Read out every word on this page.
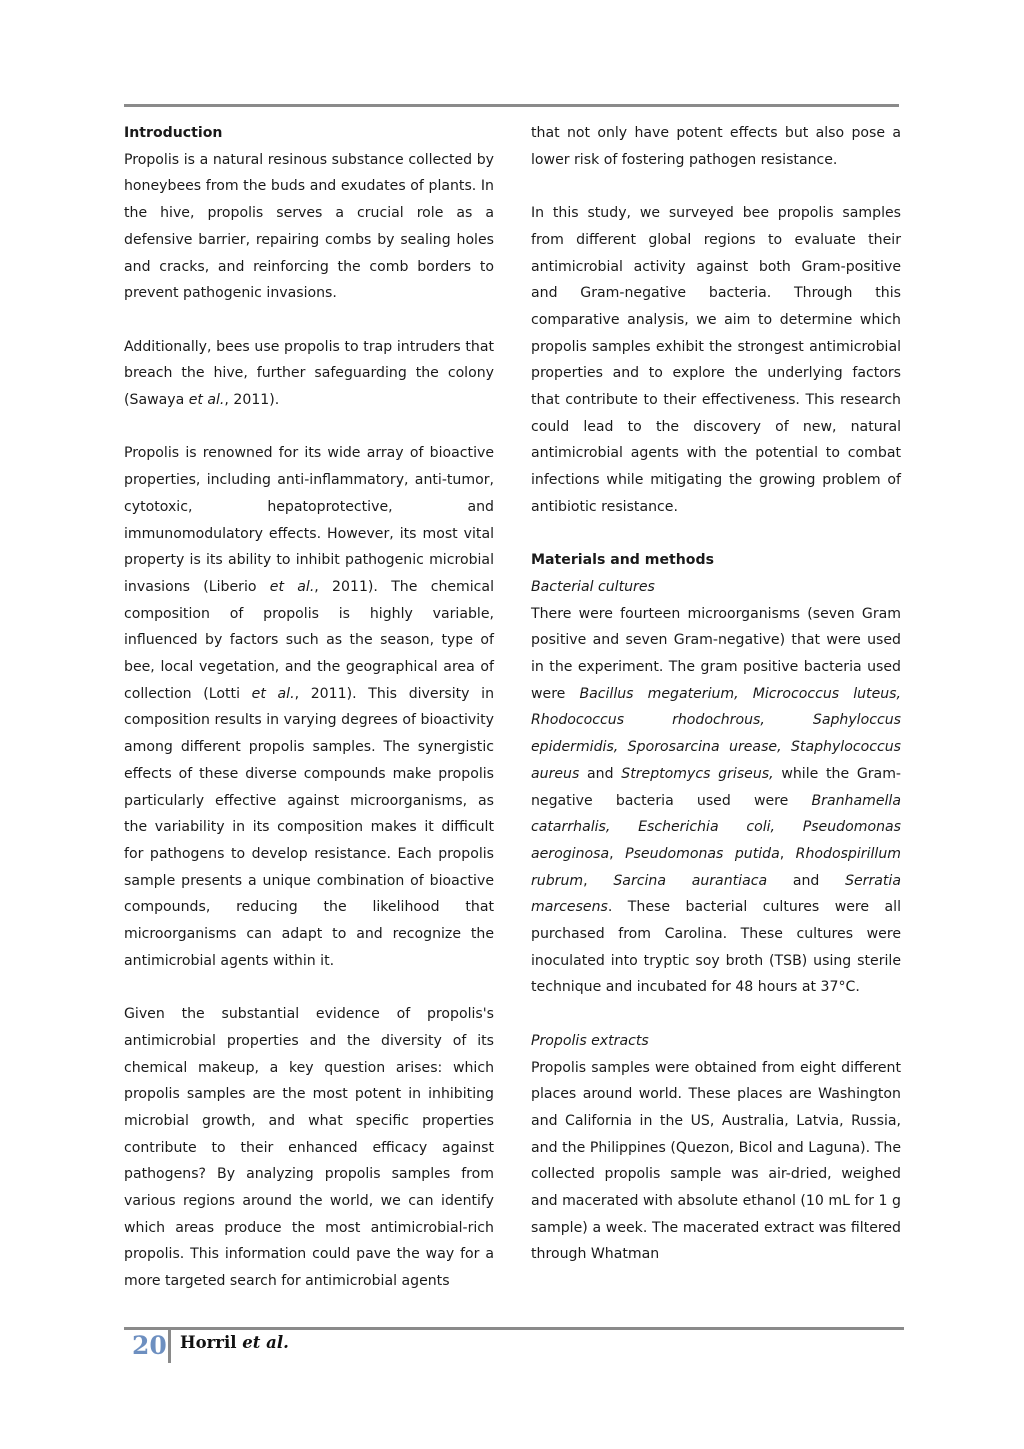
Introduction

Propolis is a natural resinous substance collected by honeybees from the buds and exudates of plants. In the hive, propolis serves a crucial role as a defensive barrier, repairing combs by sealing holes and cracks, and reinforcing the comb borders to prevent pathogenic invasions.

Additionally, bees use propolis to trap intruders that breach the hive, further safeguarding the colony (Sawaya et al., 2011).

Propolis is renowned for its wide array of bioactive properties, including anti-inflammatory, anti-tumor, cytotoxic, hepatoprotective, and immunomodulatory effects. However, its most vital property is its ability to inhibit pathogenic microbial invasions (Liberio et al., 2011). The chemical composition of propolis is highly variable, influenced by factors such as the season, type of bee, local vegetation, and the geographical area of collection (Lotti et al., 2011). This diversity in composition results in varying degrees of bioactivity among different propolis samples. The synergistic effects of these diverse compounds make propolis particularly effective against microorganisms, as the variability in its composition makes it difficult for pathogens to develop resistance. Each propolis sample presents a unique combination of bioactive compounds, reducing the likelihood that microorganisms can adapt to and recognize the antimicrobial agents within it.

Given the substantial evidence of propolis's antimicrobial properties and the diversity of its chemical makeup, a key question arises: which propolis samples are the most potent in inhibiting microbial growth, and what specific properties contribute to their enhanced efficacy against pathogens? By analyzing propolis samples from various regions around the world, we can identify which areas produce the most antimicrobial-rich propolis. This information could pave the way for a more targeted search for antimicrobial agents

that not only have potent effects but also pose a lower risk of fostering pathogen resistance.

In this study, we surveyed bee propolis samples from different global regions to evaluate their antimicrobial activity against both Gram-positive and Gram-negative bacteria. Through this comparative analysis, we aim to determine which propolis samples exhibit the strongest antimicrobial properties and to explore the underlying factors that contribute to their effectiveness. This research could lead to the discovery of new, natural antimicrobial agents with the potential to combat infections while mitigating the growing problem of antibiotic resistance.

Materials and methods

Bacterial cultures

There were fourteen microorganisms (seven Gram positive and seven Gram-negative) that were used in the experiment. The gram positive bacteria used were Bacillus megaterium, Micrococcus luteus, Rhodococcus rhodochrous, Saphyloccus epidermidis, Sporosarcina urease, Staphylococcus aureus and Streptomycs griseus, while the Gram-negative bacteria used were Branhamella catarrhalis, Escherichia coli, Pseudomonas aeroginosa, Pseudomonas putida, Rhodospirillum rubrum, Sarcina aurantiaca and Serratia marcesens. These bacterial cultures were all purchased from Carolina. These cultures were inoculated into tryptic soy broth (TSB) using sterile technique and incubated for 48 hours at 37°C.

Propolis extracts

Propolis samples were obtained from eight different places around world. These places are Washington and California in the US, Australia, Latvia, Russia, and the Philippines (Quezon, Bicol and Laguna). The collected propolis sample was air-dried, weighed and macerated with absolute ethanol (10 mL for 1 g sample) a week. The macerated extract was filtered through Whatman

20 Horril et al.
